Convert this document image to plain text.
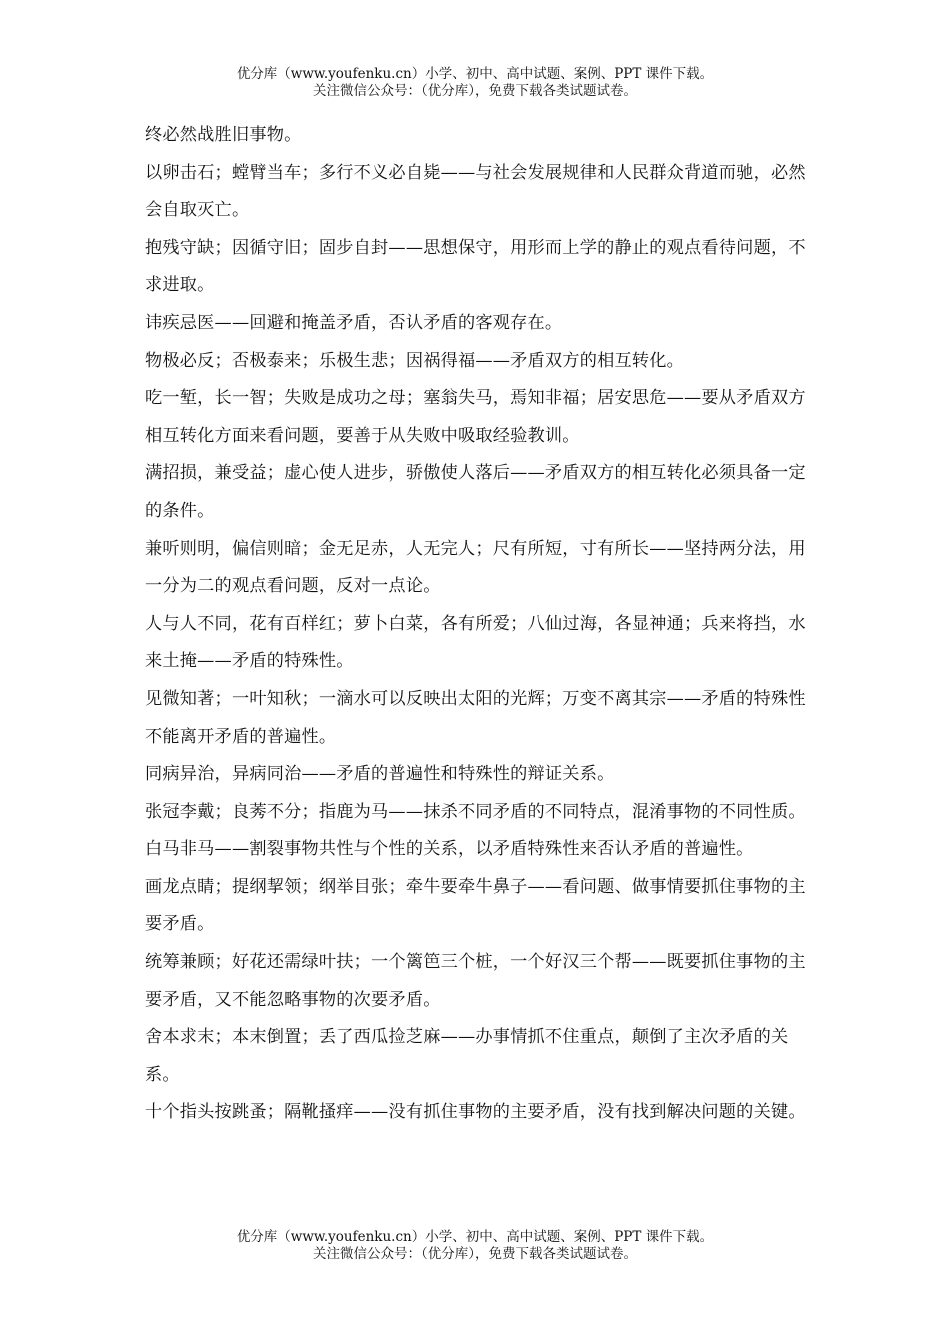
优分库（www.youfenku.cn）小学、初中、高中试题、案例、PPT 课件下载。
关注微信公众号：（优分库），免费下载各类试题试卷。

终必然战胜旧事物。

以卵击石；螳臂当车；多行不义必自毙——与社会发展规律和人民群众背道而驰，必然会自取灭亡。

抱残守缺；因循守旧；固步自封——思想保守，用形而上学的静止的观点看待问题，不求进取。

讳疾忌医——回避和掩盖矛盾，否认矛盾的客观存在。

物极必反；否极泰来；乐极生悲；因祸得福——矛盾双方的相互转化。

吃一堑，长一智；失败是成功之母；塞翁失马，焉知非福；居安思危——要从矛盾双方相互转化方面来看问题，要善于从失败中吸取经验教训。

满招损，兼受益；虚心使人进步，骄傲使人落后——矛盾双方的相互转化必须具备一定的条件。

兼听则明，偏信则暗；金无足赤，人无完人；尺有所短，寸有所长——坚持两分法，用一分为二的观点看问题，反对一点论。

人与人不同，花有百样红；萝卜白菜，各有所爱；八仙过海，各显神通；兵来将挡，水来土掩——矛盾的特殊性。

见微知著；一叶知秋；一滴水可以反映出太阳的光辉；万变不离其宗——矛盾的特殊性不能离开矛盾的普遍性。

同病异治，异病同治——矛盾的普遍性和特殊性的辩证关系。

张冠李戴；良莠不分；指鹿为马——抹杀不同矛盾的不同特点，混淆事物的不同性质。

白马非马——割裂事物共性与个性的关系，以矛盾特殊性来否认矛盾的普遍性。

画龙点睛；提纲挈领；纲举目张；牵牛要牵牛鼻子——看问题、做事情要抓住事物的主要矛盾。

统筹兼顾；好花还需绿叶扶；一个篱笆三个桩，一个好汉三个帮——既要抓住事物的主要矛盾，又不能忽略事物的次要矛盾。

舍本求末；本末倒置；丢了西瓜捡芝麻——办事情抓不住重点，颠倒了主次矛盾的关系。

十个指头按跳蚤；隔靴搔痒——没有抓住事物的主要矛盾，没有找到解决问题的关键。

优分库（www.youfenku.cn）小学、初中、高中试题、案例、PPT 课件下载。
关注微信公众号：（优分库），免费下载各类试题试卷。
